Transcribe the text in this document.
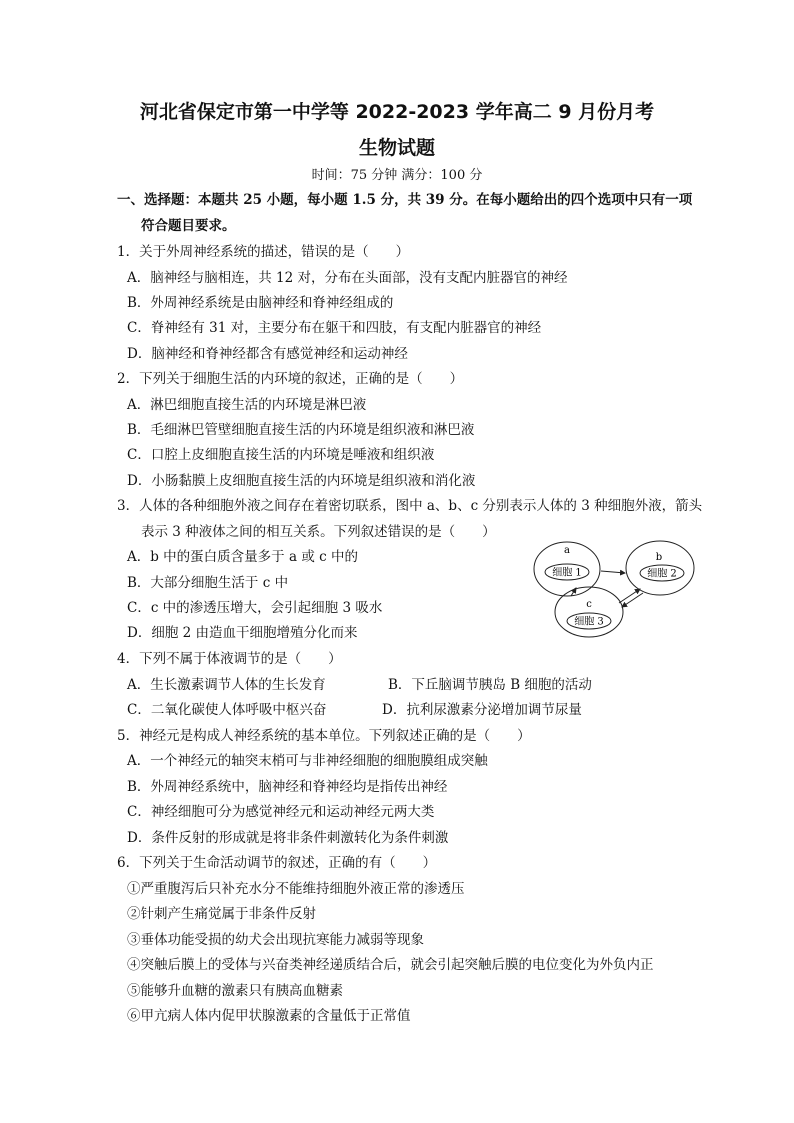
河北省保定市第一中学等 2022-2023 学年高二 9 月份月考
生物试题
时间：75 分钟 满分：100 分
一、选择题：本题共 25 小题，每小题 1.5 分，共 39 分。在每小题给出的四个选项中只有一项
符合题目要求。
1．关于外周神经系统的描述，错误的是（　　）
A．脑神经与脑相连，共 12 对，分布在头面部，没有支配内脏器官的神经
B．外周神经系统是由脑神经和脊神经组成的
C．脊神经有 31 对，主要分布在躯干和四肢，有支配内脏器官的神经
D．脑神经和脊神经都含有感觉神经和运动神经
2．下列关于细胞生活的内环境的叙述，正确的是（　　）
A．淋巴细胞直接生活的内环境是淋巴液
B．毛细淋巴管壁细胞直接生活的内环境是组织液和淋巴液
C．口腔上皮细胞直接生活的内环境是唾液和组织液
D．小肠黏膜上皮细胞直接生活的内环境是组织液和消化液
3．人体的各种细胞外液之间存在着密切联系，图中 a、b、c 分别表示人体的 3 种细胞外液，箭头
表示 3 种液体之间的相互关系。下列叙述错误的是（　　）
A．b 中的蛋白质含量多于 a 或 c 中的
B．大部分细胞生活于 c 中
C．c 中的渗透压增大，会引起细胞 3 吸水
D．细胞 2 由造血干细胞增殖分化而来
a
细胞 1
b
细胞 2
c
细胞 3
4．下列不属于体液调节的是（　　）
A．生长激素调节人体的生长发育	B．下丘脑调节胰岛 B 细胞的活动
C．二氧化碳使人体呼吸中枢兴奋	D．抗利尿激素分泌增加调节尿量
5．神经元是构成人神经系统的基本单位。下列叙述正确的是（　　）
A．一个神经元的轴突末梢可与非神经细胞的细胞膜组成突触
B．外周神经系统中，脑神经和脊神经均是指传出神经
C．神经细胞可分为感觉神经元和运动神经元两大类
D．条件反射的形成就是将非条件刺激转化为条件刺激
6．下列关于生命活动调节的叙述，正确的有（　　）
①严重腹泻后只补充水分不能维持细胞外液正常的渗透压
②针刺产生痛觉属于非条件反射
③垂体功能受损的幼犬会出现抗寒能力减弱等现象
④突触后膜上的受体与兴奋类神经递质结合后，就会引起突触后膜的电位变化为外负内正
⑤能够升血糖的激素只有胰高血糖素
⑥甲亢病人体内促甲状腺激素的含量低于正常值
